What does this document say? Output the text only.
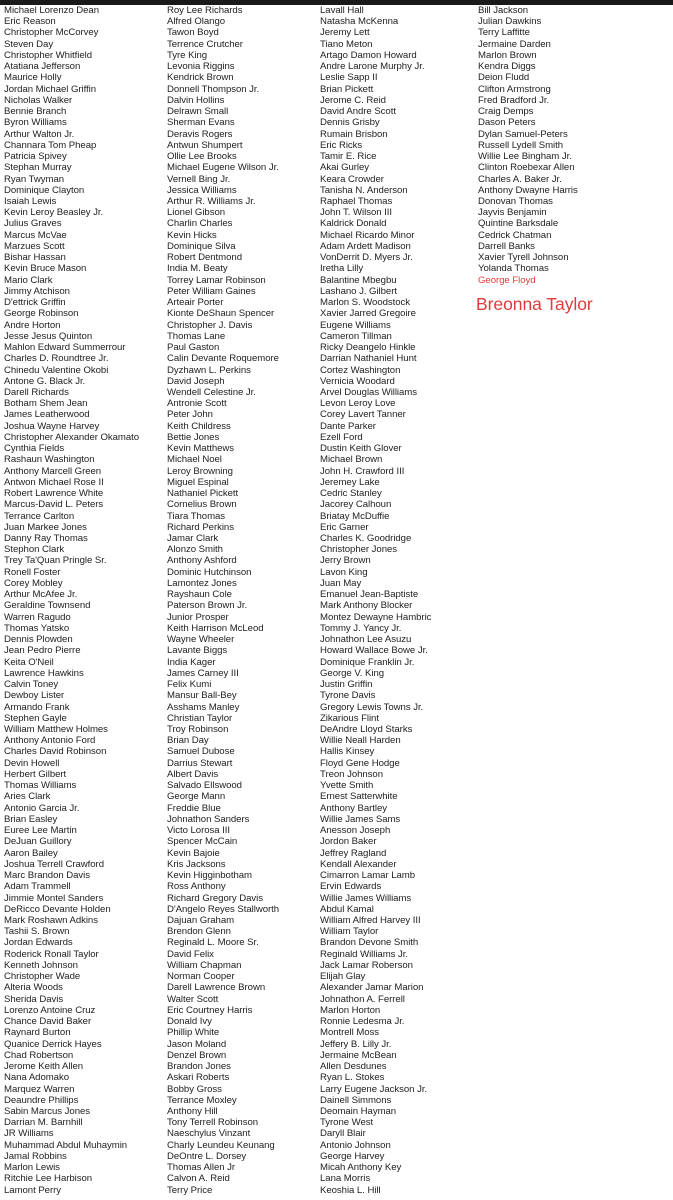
Michael Lorenzo Dean
Eric Reason
Christopher McCorvey
Steven Day
Christopher Whitfield
Atatiana Jefferson
Maurice Holly
Jordan Michael Griffin
Nicholas Walker
Bennie Branch
Byron Williams
Arthur Walton Jr.
Channara Tom Pheap
Patricia Spivey
Stephan Murray
Ryan Twyman
Dominique Clayton
Isaiah Lewis
Kevin Leroy Beasley Jr.
Julius Graves
Marcus McVae
Marzues Scott
Bishar Hassan
Kevin Bruce Mason
Mario Clark
Jimmy Atchison
D'ettrick Griffin
George Robinson
Andre Horton
Jesse Jesus Quinton
Mahlon Edward Summerrour
Charles D. Roundtree Jr.
Chinedu Valentine Okobi
Antone G. Black Jr.
Darell Richards
Botham Shem Jean
James Leatherwood
Joshua Wayne Harvey
Christopher Alexander Okamato
Cynthia Fields
Rashaun Washington
Anthony Marcell Green
Antwon Michael Rose II
Robert Lawrence White
Marcus-David L. Peters
Terrance Carlton
Juan Markee Jones
Danny Ray Thomas
Stephon Clark
Trey Ta'Quan Pringle Sr.
Ronell Foster
Corey Mobley
Arthur McAfee Jr.
Geraldine Townsend
Warren Ragudo
Thomas Yatsko
Dennis Plowden
Jean Pedro Pierre
Keita O'Neil
Lawrence Hawkins
Calvin Toney
Dewboy Lister
Armando Frank
Stephen Gayle
William Matthew Holmes
Anthony Antonio Ford
Charles David Robinson
Devin Howell
Herbert Gilbert
Thomas Williams
Aries Clark
Antonio Garcia Jr.
Brian Easley
Euree Lee Martin
DeJuan Guillory
Aaron Bailey
Joshua Terrell Crawford
Marc Brandon Davis
Adam Trammell
Jimmie Montel Sanders
DeRicco Devante Holden
Mark Roshawn Adkins
Tashii S. Brown
Jordan Edwards
Roderick Ronall Taylor
Kenneth Johnson
Christopher Wade
Alteria Woods
Sherida Davis
Lorenzo Antoine Cruz
Chance David Baker
Raynard Burton
Quanice Derrick Hayes
Chad Robertson
Jerome Keith Allen
Nana Adomako
Marquez Warren
Deaundre Phillips
Sabin Marcus Jones
Darrian M. Barnhill
JR Williams
Muhammad Abdul Muhaymin
Jamal Robbins
Marlon Lewis
Ritchie Lee Harbison
Lamont Perry
Roy Lee Richards
Alfred Olango
Tawon Boyd
Terrence Crutcher
Tyre King
Levonia Riggins
Kendrick Brown
Donnell Thompson Jr.
Dalvin Hollins
Delrawn Small
Sherman Evans
Deravis Rogers
Antwun Shumpert
Ollie Lee Brooks
Michael Eugene Wilson Jr.
Vernell Bing Jr.
Jessica Williams
Arthur R. Williams Jr.
Lionel Gibson
Charlin Charles
Kevin Hicks
Dominique Silva
Robert Dentmond
India M. Beaty
Torrey Lamar Robinson
Peter William Gaines
Arteair Porter
Kionte DeShaun Spencer
Christopher J. Davis
Thomas Lane
Paul Gaston
Calin Devante Roquemore
Dyzhawn L. Perkins
David Joseph
Wendell Celestine Jr.
Antronie Scott
Peter John
Keith Childress
Bettie Jones
Kevin Matthews
Michael Noel
Leroy Browning
Miguel Espinal
Nathaniel Pickett
Cornelius Brown
Tiara Thomas
Richard Perkins
Jamar Clark
Alonzo Smith
Anthony Ashford
Dominic Hutchinson
Lamontez Jones
Rayshaun Cole
Paterson Brown Jr.
Junior Prosper
Keith Harrison McLeod
Wayne Wheeler
Lavante Biggs
India Kager
James Carney III
Felix Kumi
Mansur Ball-Bey
Asshams Manley
Christian Taylor
Troy Robinson
Brian Day
Samuel Dubose
Darrius Stewart
Albert Davis
Salvado Ellswood
George Mann
Freddie Blue
Johnathon Sanders
Victo Lorosa III
Spencer McCain
Kevin Bajoie
Kris Jacksons
Kevin Higginbotham
Ross Anthony
Richard Gregory Davis
D'Angelo Reyes Stallworth
Dajuan Graham
Brendon Glenn
Reginald L. Moore Sr.
David Felix
William Chapman
Norman Cooper
Darell Lawrence Brown
Walter Scott
Eric Courtney Harris
Donald Ivy
Phillip White
Jason Moland
Denzel Brown
Brandon Jones
Askari Roberts
Bobby Gross
Terrance Moxley
Anthony Hill
Tony Terrell Robinson
Naeschylus Vinzant
Charly Leundeu Keunang
DeOntre L. Dorsey
Thomas Allen Jr
Calvon A. Reid
Terry Price
Lavall Hall
Natasha McKenna
Jeremy Lett
Tiano Meton
Artago Damon Howard
Andre Larone Murphy Jr.
Leslie Sapp II
Brian Pickett
Jerome C. Reid
David Andre Scott
Dennis Grisby
Rumain Brisbon
Eric Ricks
Tamir E. Rice
Akai Gurley
Keara Crowder
Tanisha N. Anderson
Raphael Thomas
John T. Wilson III
Kaldrick Donald
Michael Ricardo Minor
Adam Ardett Madison
VonDerrit D. Myers Jr.
Iretha Lilly
Balantine Mbegbu
Lashano J. Gilbert
Marlon S. Woodstock
Xavier Jarred Gregoire
Eugene Williams
Cameron Tillman
Ricky Deangelo Hinkle
Darrian Nathaniel Hunt
Cortez Washington
Vernicia Woodard
Arvel Douglas Williams
Levon Leroy Love
Corey Lavert Tanner
Dante Parker
Ezell Ford
Dustin Keith Glover
Michael Brown
John H. Crawford III
Jeremey Lake
Cedric Stanley
Jacorey Calhoun
Briatay McDuffie
Eric Garner
Charles K. Goodridge
Christopher Jones
Jerry Brown
Lavon King
Juan May
Emanuel Jean-Baptiste
Mark Anthony Blocker
Montez Dewayne Hambric
Tommy J. Yancy Jr.
Johnathon Lee Asuzu
Howard Wallace Bowe Jr.
Dominique Franklin Jr.
George V. King
Justin Griffin
Tyrone Davis
Gregory Lewis Towns Jr.
Zikarious Flint
DeAndre Lloyd Starks
Willie Neall Harden
Hallis Kinsey
Floyd Gene Hodge
Treon Johnson
Yvette Smith
Ernest Satterwhite
Anthony Bartley
Willie James Sams
Anesson Joseph
Jordon Baker
Jeffrey Ragland
Kendall Alexander
Cimarron Lamar Lamb
Ervin Edwards
Willie James Williams
Abdul Kamal
William Alfred Harvey III
William Taylor
Brandon Devone Smith
Reginald Williams Jr.
Jack Lamar Roberson
Elijah Glay
Alexander Jamar Marion
Johnathon A. Ferrell
Marlon Horton
Ronnie Ledesma Jr.
Montrell Moss
Jeffery B. Lilly Jr.
Jermaine McBean
Allen Desdunes
Ryan L. Stokes
Larry Eugene Jackson Jr.
Dainell Simmons
Deomain Hayman
Tyrone West
Daryll Blair
Antonio Johnson
George Harvey
Micah Anthony Key
Lana Morris
Keoshia L. Hill
Bill Jackson
Julian Dawkins
Terry Laffitte
Jermaine Darden
Marlon Brown
Kendra Diggs
Deion Fludd
Clifton Armstrong
Fred Bradford Jr.
Craig Demps
Dason Peters
Dylan Samuel-Peters
Russell Lydell Smith
Willie Lee Bingham Jr.
Clinton Roebexar Allen
Charles A. Baker Jr.
Anthony Dwayne Harris
Donovan Thomas
Jayvis Benjamin
Quintine Barksdale
Cedrick Chatman
Darrell Banks
Xavier Tyrell Johnson
Yolanda Thomas
George Floyd
Breonna Taylor
